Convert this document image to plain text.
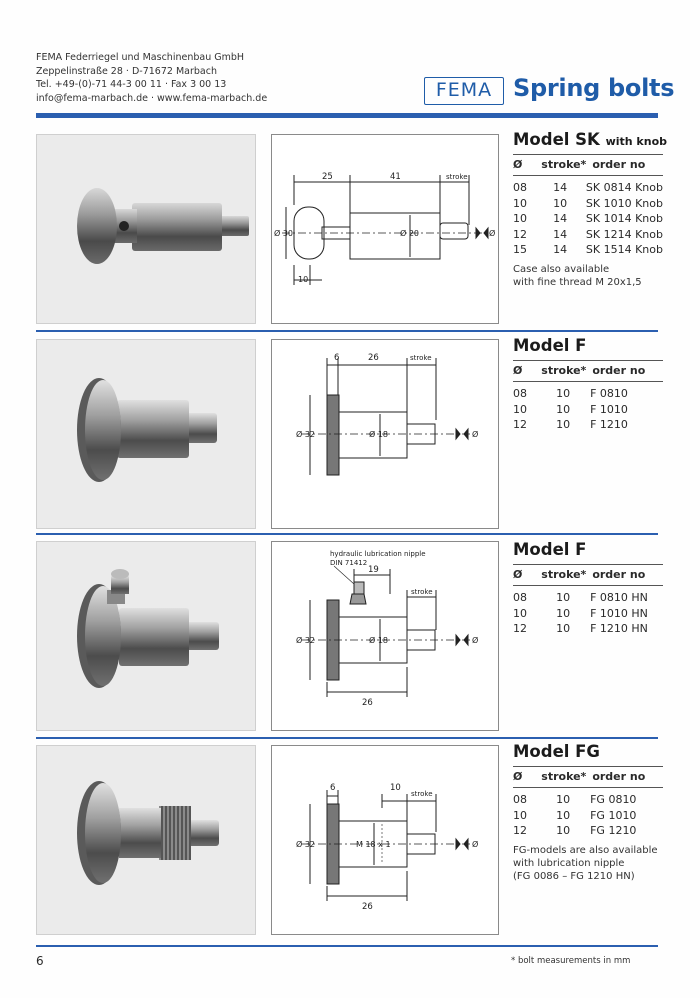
FEMA Federriegel und Maschinenbau GmbH
Zeppelinstraße 28 · D-71672 Marbach
Tel. +49-(0)-71 44-3 00 11 · Fax 3 00 13
info@fema-marbach.de · www.fema-marbach.de	FEMA Spring bolts
25	41	stroke
Ø 30	Ø 20	Ø
10
Model SK with knob
Ø	stroke* order no
08	14	SK 0814 Knob
10	10	SK 1010 Knob
10	14	SK 1014 Knob
12	14	SK 1214 Knob
15	14	SK 1514 Knob
Case also available
with fine thread M 20x1,5
6	26	stroke
Ø 32	Ø 18	Ø
Model F
Ø	stroke* order no
08	10	F 0810
10	10	F 1010
12	10	F 1210
hydraulic lubrication nipple
DIN 71412
19
stroke
Ø 32	Ø 18	Ø
26
Model F
Ø	stroke* order no
08	10	F 0810 HN
10	10	F 1010 HN
12	10	F 1210 HN
6	10
stroke
Ø 32	M 18 x 1	Ø
26
Model FG
Ø	stroke* order no
08	10	FG 0810
10	10	FG 1010
12	10	FG 1210
FG-models are also available
with lubrication nipple
(FG 0086 – FG 1210 HN)
6	* bolt measurements in mm
